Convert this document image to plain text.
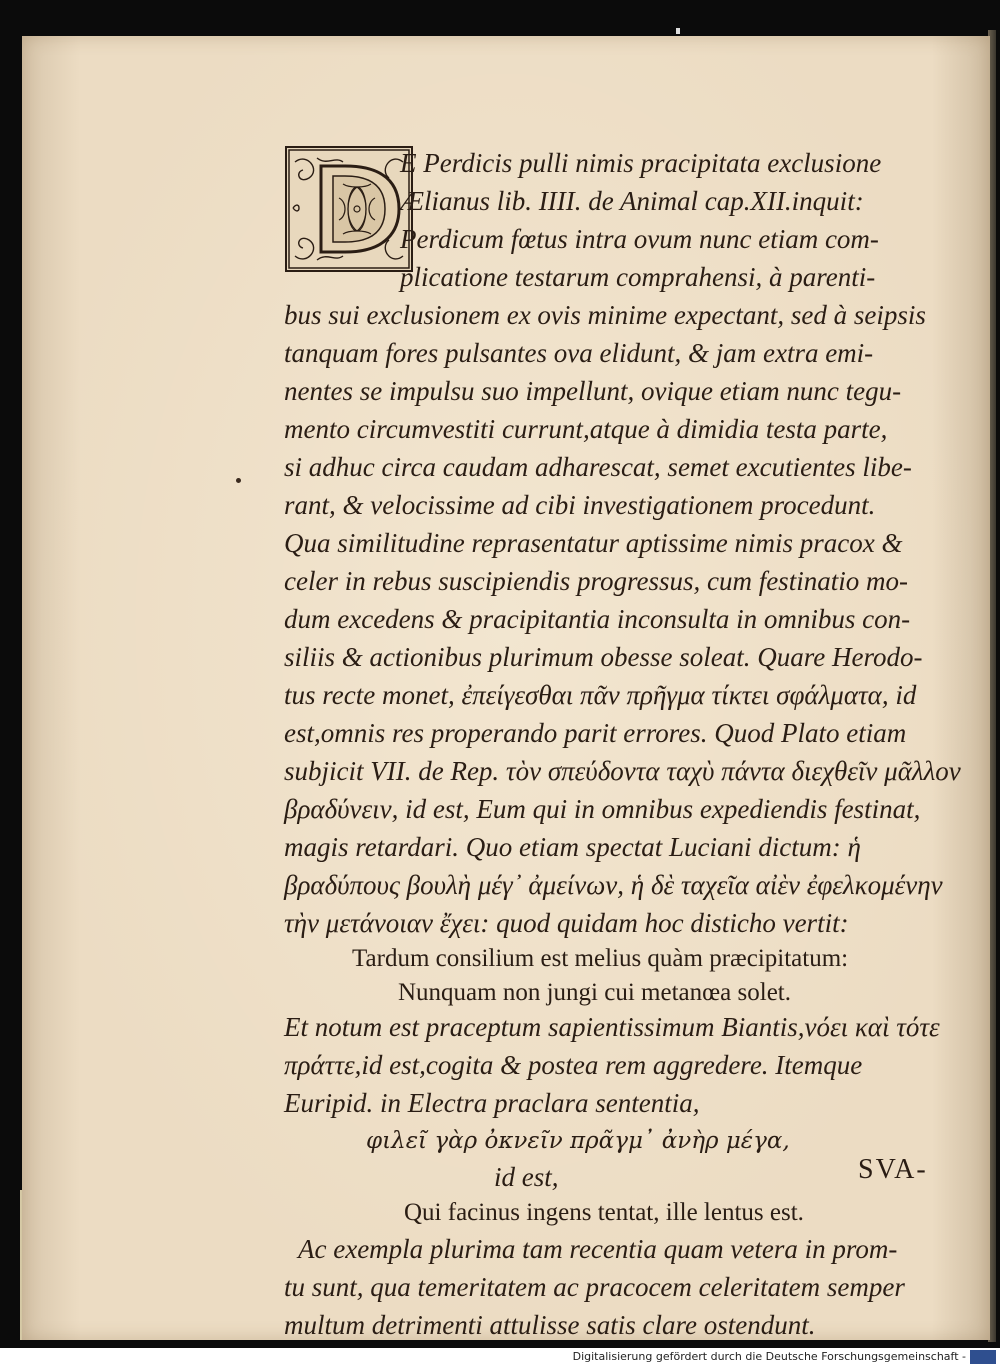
E Perdicis pulli nimis pracipitata exclusione
Ælianus lib. IIII. de Animal cap.XII.inquit:
Perdicum fœtus intra ovum nunc etiam com-
plicatione testarum comprahensi, à parenti-
bus sui exclusionem ex ovis minime expectant, sed à seipsis
tanquam fores pulsantes ova elidunt, & jam extra emi-
nentes se impulsu suo impellunt, ovique etiam nunc tegu-
mento circumvestiti currunt,atque à dimidia testa parte,
si adhuc circa caudam adharescat, semet excutientes libe-
rant, & velocissime ad cibi investigationem procedunt.
Qua similitudine reprasentatur aptissime nimis pracox &
celer in rebus suscipiendis progressus, cum festinatio mo-
dum excedens & pracipitantia inconsulta in omnibus con-
siliis & actionibus plurimum obesse soleat. Quare Herodo-
tus recte monet, ἐπείγεσθαι πᾶν πρῆγμα τίκτει σφάλματα, id
est,omnis res properando parit errores. Quod Plato etiam
subjicit VII. de Rep. τὸν σπεύδοντα ταχὺ πάντα διεχθεῖν μᾶλλον
βραδύνειν, id est, Eum qui in omnibus expediendis festinat,
magis retardari. Quo etiam spectat Luciani dictum: ἡ
βραδύπους βουλὴ μέγ᾽ ἀμείνων, ἡ δὲ ταχεῖα αἰὲν ἐφελκομένην
τὴν μετάνοιαν ἔχει: quod quidam hoc disticho vertit:
Tardum consilium est melius quàm præcipitatum:
Nunquam non jungi cui metanœa solet.
Et notum est praceptum sapientissimum Biantis,νόει καὶ τότε
πράττε,id est,cogita & postea rem aggredere. Itemque
Euripid. in Electra praclara sententia,
φιλεῖ γὰρ ὀκνεῖν πρᾶγμ᾽ ἀνὴρ μέγα,
id est,
Qui facinus ingens tentat, ille lentus est.
Ac exempla plurima tam recentia quam vetera in prom-
tu sunt, qua temeritatem ac pracocem celeritatem semper
multum detrimenti attulisse satis clare ostendunt.
SVA-
Digitalisierung gefördert durch die Deutsche Forschungsgemeinschaft -
